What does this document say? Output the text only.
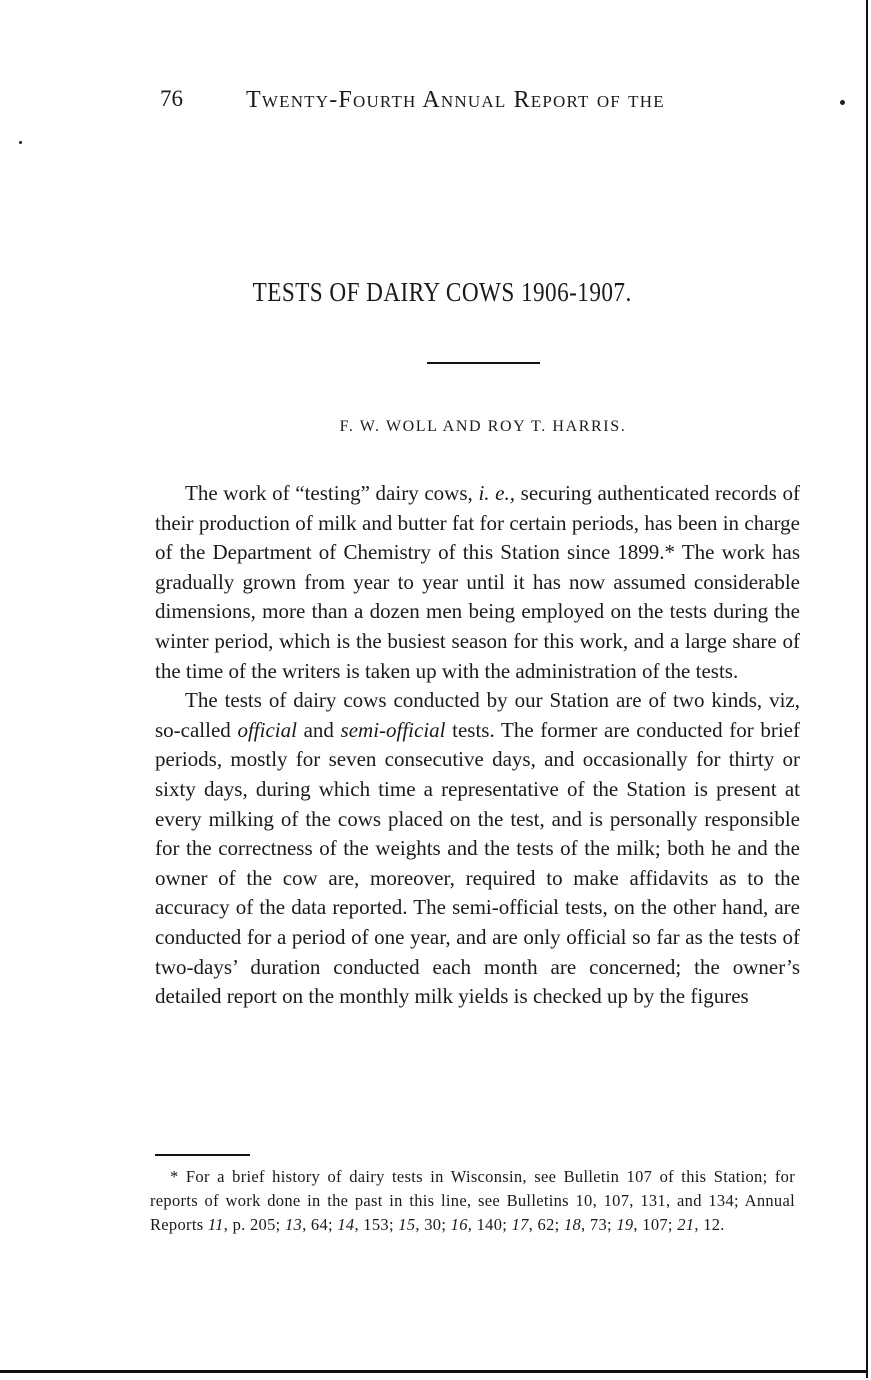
76	Twenty-Fourth Annual Report of the
TESTS OF DAIRY COWS 1906-1907.
F. W. WOLL AND ROY T. HARRIS.

The work of “testing” dairy cows, i. e., securing authenticated records of their production of milk and butter fat for certain periods, has been in charge of the Department of Chemistry of this Station since 1899.* The work has gradually grown from year to year until it has now assumed considerable dimensions, more than a dozen men being employed on the tests during the winter period, which is the busiest season for this work, and a large share of the time of the writers is taken up with the administration of the tests.

The tests of dairy cows conducted by our Station are of two kinds, viz, so-called official and semi-official tests. The former are conducted for brief periods, mostly for seven consecutive days, and occasionally for thirty or sixty days, during which time a representative of the Station is present at every milking of the cows placed on the test, and is personally responsible for the correctness of the weights and the tests of the milk; both he and the owner of the cow are, moreover, required to make affidavits as to the accuracy of the data reported. The semi-official tests, on the other hand, are conducted for a period of one year, and are only official so far as the tests of two-days’ duration conducted each month are concerned; the owner’s detailed report on the monthly milk yields is checked up by the figures

* For a brief history of dairy tests in Wisconsin, see Bulletin 107 of this Station; for reports of work done in the past in this line, see Bulletins 10, 107, 131, and 134; Annual Reports 11, p. 205; 13, 64; 14, 153; 15, 30; 16, 140; 17, 62; 18, 73; 19, 107; 21, 12.
